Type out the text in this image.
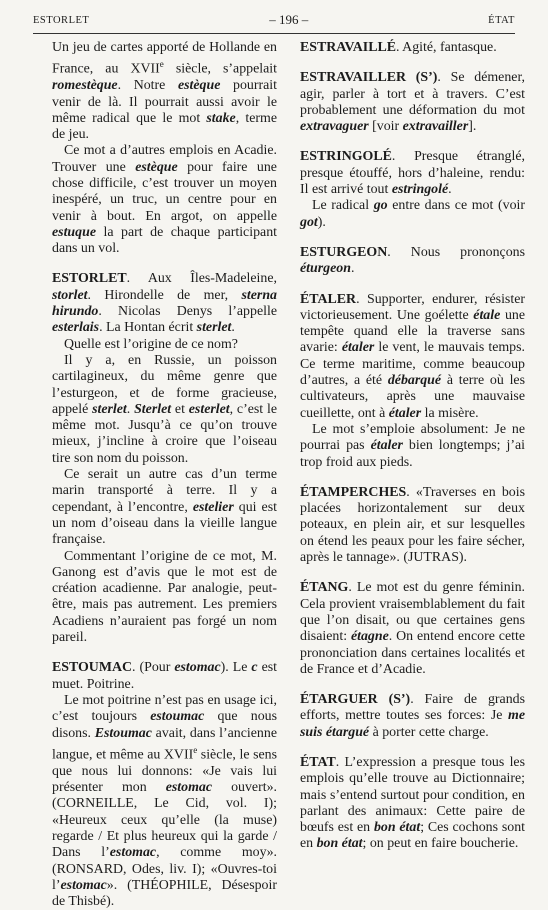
ESTORLET	– 196 –	ÉTAT

Un jeu de cartes apporté de Hollande en France, au XVIIe siècle, s’appelait romestèque. Notre estèque pourrait venir de là. Il pourrait aussi avoir le même radical que le mot stake, terme de jeu.

Ce mot a d’autres emplois en Acadie. Trouver une estèque pour faire une chose difficile, c’est trouver un moyen inespéré, un truc, un centre pour en venir à bout. En argot, on appelle estuque la part de chaque participant dans un vol.

ESTORLET. Aux Îles-Madeleine, storlet. Hirondelle de mer, sterna hirundo. Nicolas Denys l’appelle esterlais. La Hontan écrit sterlet.

Quelle est l’origine de ce nom?

Il y a, en Russie, un poisson cartilagineux, du même genre que l’esturgeon, et de forme gracieuse, appelé sterlet. Sterlet et esterlet, c’est le même mot. Jusqu’à ce qu’on trouve mieux, j’incline à croire que l’oiseau tire son nom du poisson.

Ce serait un autre cas d’un terme marin transporté à terre. Il y a cependant, à l’encontre, estelier qui est un nom d’oiseau dans la vieille langue française.

Commentant l’origine de ce mot, M. Ganong est d’avis que le mot est de création acadienne. Par analogie, peut-être, mais pas autrement. Les premiers Acadiens n’auraient pas forgé un nom pareil.

ESTOUMAC. (Pour estomac). Le c est muet. Poitrine.

Le mot poitrine n’est pas en usage ici, c’est toujours estoumac que nous disons. Estoumac avait, dans l’ancienne langue, et même au XVIIe siècle, le sens que nous lui donnons: «Je vais lui présenter mon estomac ouvert». (CORNEILLE, Le Cid, vol. I); «Heureux ceux qu’elle (la muse) regarde / Et plus heureux qui la garde / Dans l’estomac, comme moy». (RONSARD, Odes, liv. I); «Ouvres-toi l’estomac». (THÉOPHILE, Désespoir de Thisbé).

ESTRAVAILLÉ. Agité, fantasque.

ESTRAVAILLER (S’). Se démener, agir, parler à tort et à travers. C’est probablement une déformation du mot extravaguer [voir extravailler].

ESTRINGOLÉ. Presque étranglé, presque étouffé, hors d’haleine, rendu: Il est arrivé tout estringolé.

Le radical go entre dans ce mot (voir got).

ESTURGEON. Nous prononçons éturgeon.

ÉTALER. Supporter, endurer, résister victorieusement. Une goélette étale une tempête quand elle la traverse sans avarie: étaler le vent, le mauvais temps. Ce terme maritime, comme beaucoup d’autres, a été débarqué à terre où les cultivateurs, après une mauvaise cueillette, ont à étaler la misère.

Le mot s’emploie absolument: Je ne pourrai pas étaler bien longtemps; j’ai trop froid aux pieds.

ÉTAMPERCHES. «Traverses en bois placées horizontalement sur deux poteaux, en plein air, et sur lesquelles on étend les peaux pour les faire sécher, après le tannage». (JUTRAS).

ÉTANG. Le mot est du genre féminin. Cela provient vraisemblablement du fait que l’on disait, ou que certaines gens disaient: étagne. On entend encore cette prononciation dans certaines localités et de France et d’Acadie.

ÉTARGUER (S’). Faire de grands efforts, mettre toutes ses forces: Je me suis étargué à porter cette charge.

ÉTAT. L’expression a presque tous les emplois qu’elle trouve au Dictionnaire; mais s’entend surtout pour condition, en parlant des animaux: Cette paire de bœufs est en bon état; Ces cochons sont en bon état; on peut en faire boucherie.
